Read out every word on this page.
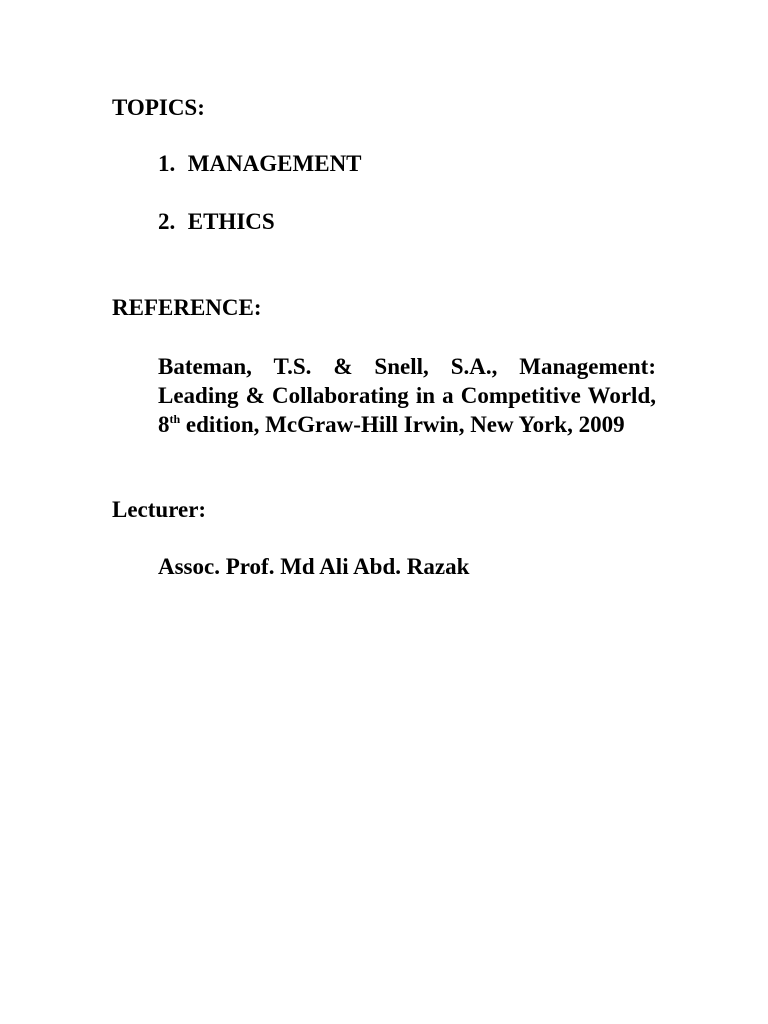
TOPICS:

1. MANAGEMENT

2. ETHICS

REFERENCE:

Bateman, T.S. & Snell, S.A., Management: Leading & Collaborating in a Competitive World, 8th edition, McGraw-Hill Irwin, New York, 2009

Lecturer:

Assoc. Prof. Md Ali Abd. Razak
